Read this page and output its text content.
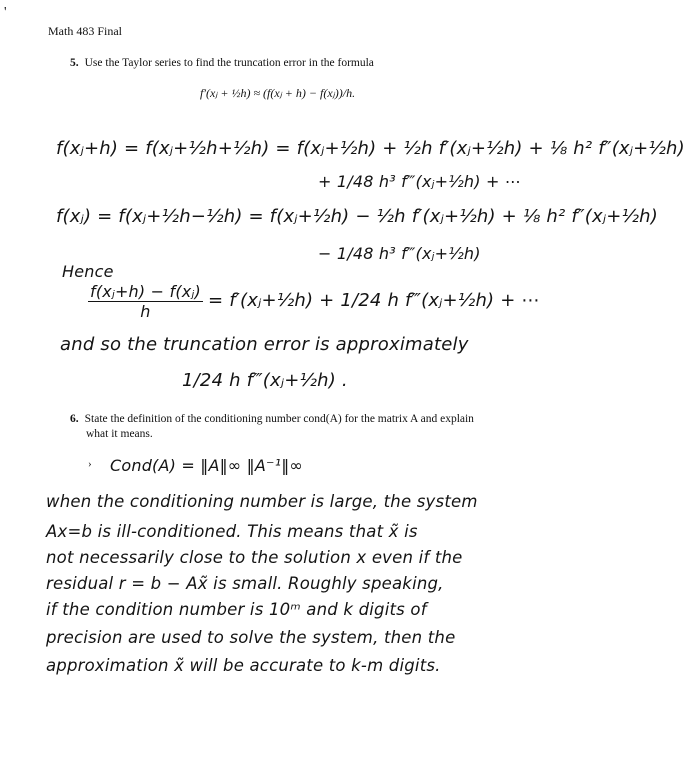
'
Math 483 Final
5. Use the Taylor series to find the truncation error in the formula
f′(xⱼ + ½h) ≈ (f(xⱼ + h) − f(xⱼ))/h.
f(xⱼ+h) = f(xⱼ+½h+½h) = f(xⱼ+½h) + ½h f′(xⱼ+½h) + ⅛ h² f″(xⱼ+½h)
+ 1/48 h³ f‴(xⱼ+½h) + ⋯
f(xⱼ) = f(xⱼ+½h−½h) = f(xⱼ+½h) − ½h f′(xⱼ+½h) + ⅛ h² f″(xⱼ+½h)
− 1/48 h³ f‴(xⱼ+½h)
Hence
$\frac{\text{f(xⱼ+h) − f(xⱼ)}}{h}$ = f′(xⱼ+½h) + 1/24 h f‴(xⱼ+½h) + ⋯
and so the truncation error is approximately
1/24 h f‴(xⱼ+½h) .
6. State the definition of the conditioning number cond(A) for the matrix A and explain
what it means.
› Cond(A) = ‖A‖∞ ‖A⁻¹‖∞
when the conditioning number is large, the system
Ax=b is ill-conditioned. This means that x̃ is
not necessarily close to the solution x even if the
residual r = b − Ax̃ is small. Roughly speaking,
if the condition number is 10ᵐ and k digits of
precision are used to solve the system, then the
approximation x̃ will be accurate to k-m digits.
